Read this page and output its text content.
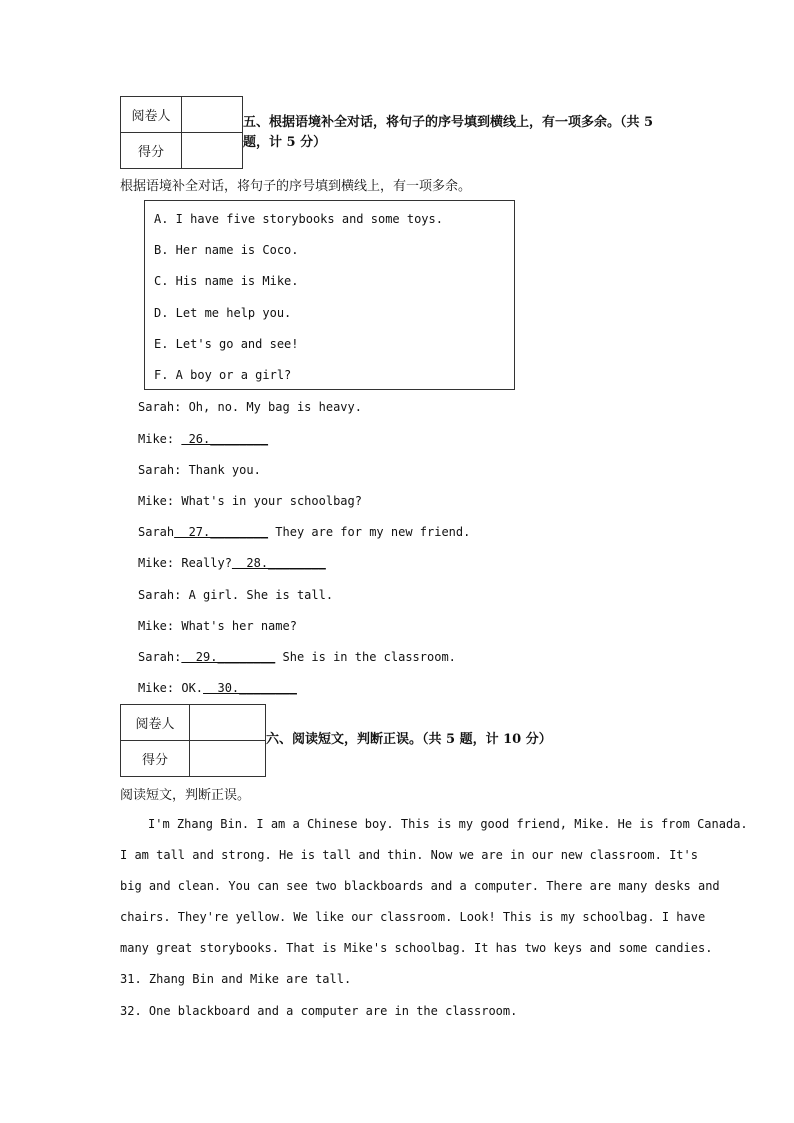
阅卷人	
得分	
五、根据语境补全对话，将句子的序号填到横线上，有一项多余。（共 5
题，计 5 分）
根据语境补全对话，将句子的序号填到横线上，有一项多余。
A. I have five storybooks and some toys.
B. Her name is Coco.
C. His name is Mike.
D. Let me help you.
E. Let's go and see!
F. A boy or a girl?
Sarah: Oh, no. My bag is heavy.
Mike:  26.________
Sarah: Thank you.
Mike: What's in your schoolbag?
Sarah  27.________ They are for my new friend.
Mike: Really?  28.________
Sarah: A girl. She is tall.
Mike: What's her name?
Sarah:  29.________ She is in the classroom.
Mike: OK.  30.________
阅卷人	
得分	
六、阅读短文，判断正误。（共 5 题，计 10 分）
阅读短文，判断正误。
I'm Zhang Bin. I am a Chinese boy. This is my good friend, Mike. He is from Canada.
I am tall and strong. He is tall and thin. Now we are in our new classroom. It's
big and clean. You can see two blackboards and a computer. There are many desks and
chairs. They're yellow. We like our classroom. Look! This is my schoolbag. I have
many great storybooks. That is Mike's schoolbag. It has two keys and some candies.
31. Zhang Bin and Mike are tall.
32. One blackboard and a computer are in the classroom.
